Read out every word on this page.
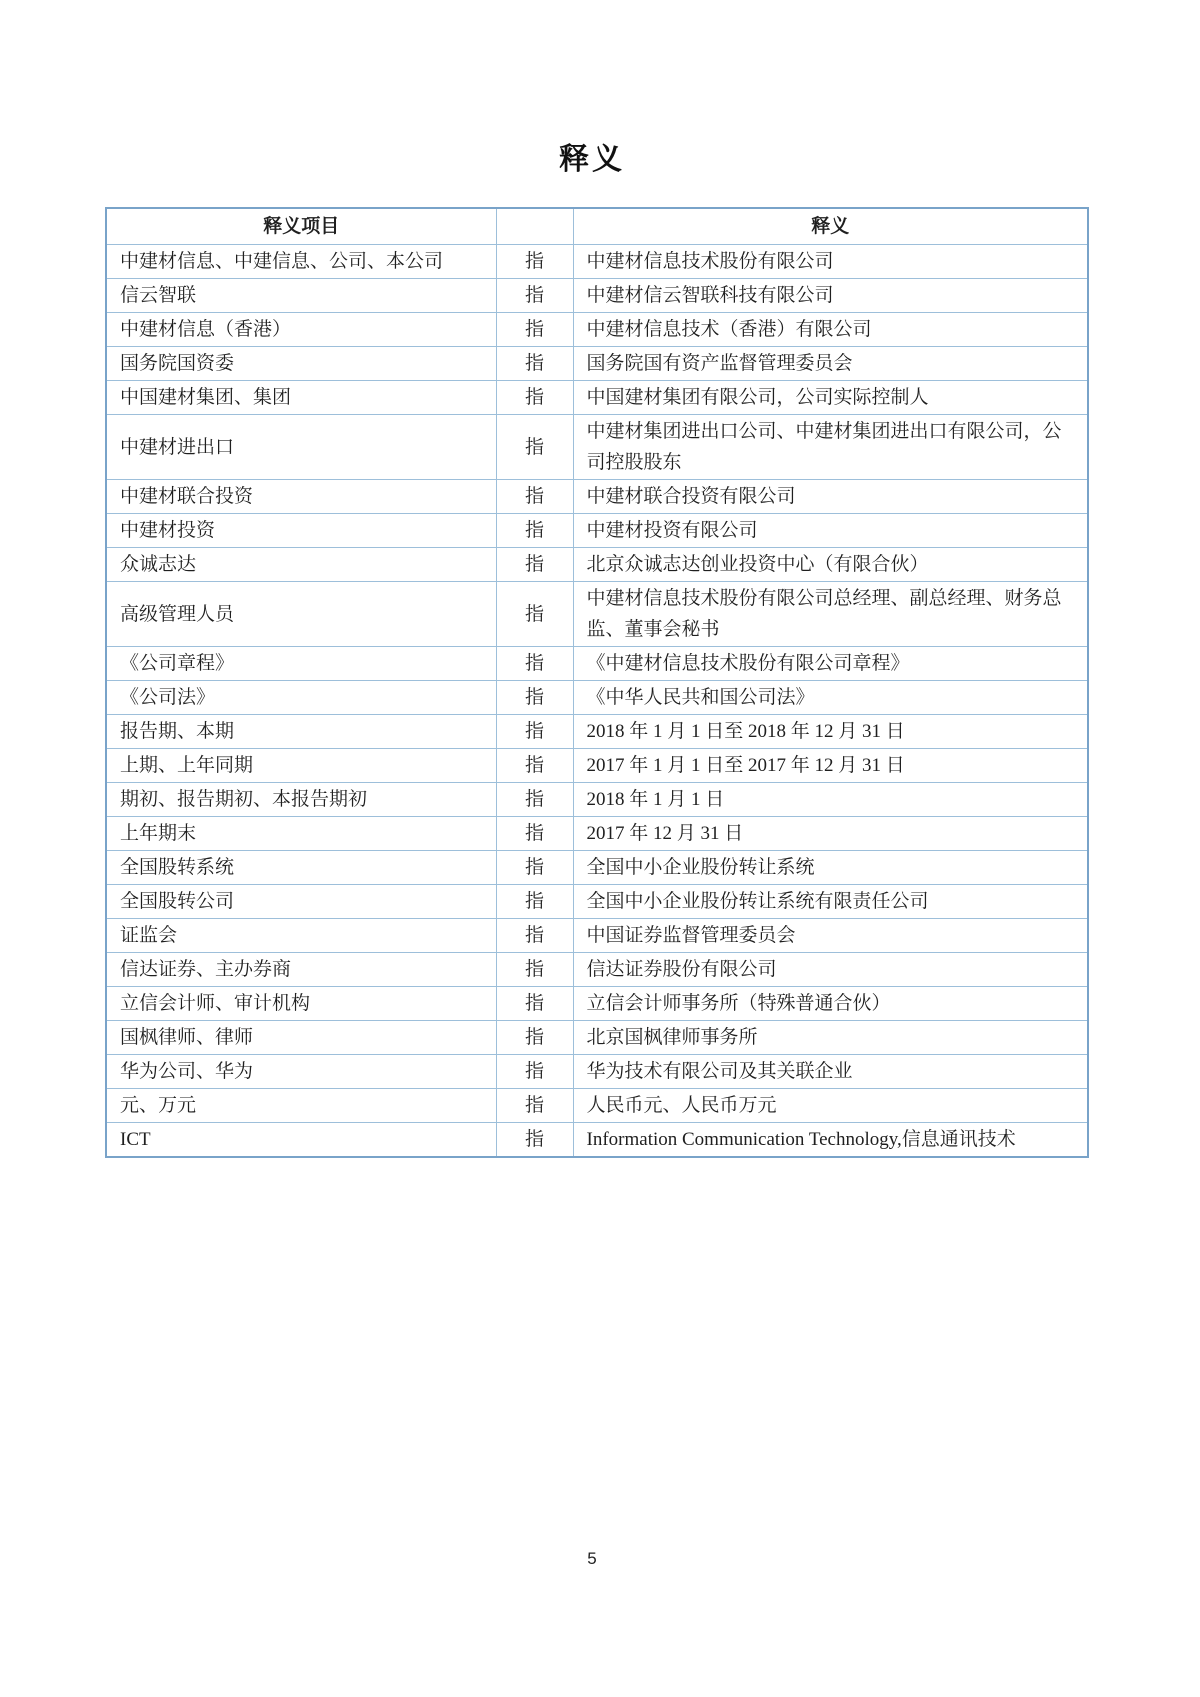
释义
释义项目		释义
中建材信息、中建信息、公司、本公司	指	中建材信息技术股份有限公司
信云智联	指	中建材信云智联科技有限公司
中建材信息（香港）	指	中建材信息技术（香港）有限公司
国务院国资委	指	国务院国有资产监督管理委员会
中国建材集团、集团	指	中国建材集团有限公司，公司实际控制人
中建材进出口	指	中建材集团进出口公司、中建材集团进出口有限公司，公司控股股东
中建材联合投资	指	中建材联合投资有限公司
中建材投资	指	中建材投资有限公司
众诚志达	指	北京众诚志达创业投资中心（有限合伙）
高级管理人员	指	中建材信息技术股份有限公司总经理、副总经理、财务总监、董事会秘书
《公司章程》	指	《中建材信息技术股份有限公司章程》
《公司法》	指	《中华人民共和国公司法》
报告期、本期	指	2018 年 1 月 1 日至 2018 年 12 月 31 日
上期、上年同期	指	2017 年 1 月 1 日至 2017 年 12 月 31 日
期初、报告期初、本报告期初	指	2018 年 1 月 1 日
上年期末	指	2017 年 12 月 31 日
全国股转系统	指	全国中小企业股份转让系统
全国股转公司	指	全国中小企业股份转让系统有限责任公司
证监会	指	中国证券监督管理委员会
信达证券、主办券商	指	信达证券股份有限公司
立信会计师、审计机构	指	立信会计师事务所（特殊普通合伙）
国枫律师、律师	指	北京国枫律师事务所
华为公司、华为	指	华为技术有限公司及其关联企业
元、万元	指	人民币元、人民币万元
ICT	指	Information Communication Technology,信息通讯技术
5
